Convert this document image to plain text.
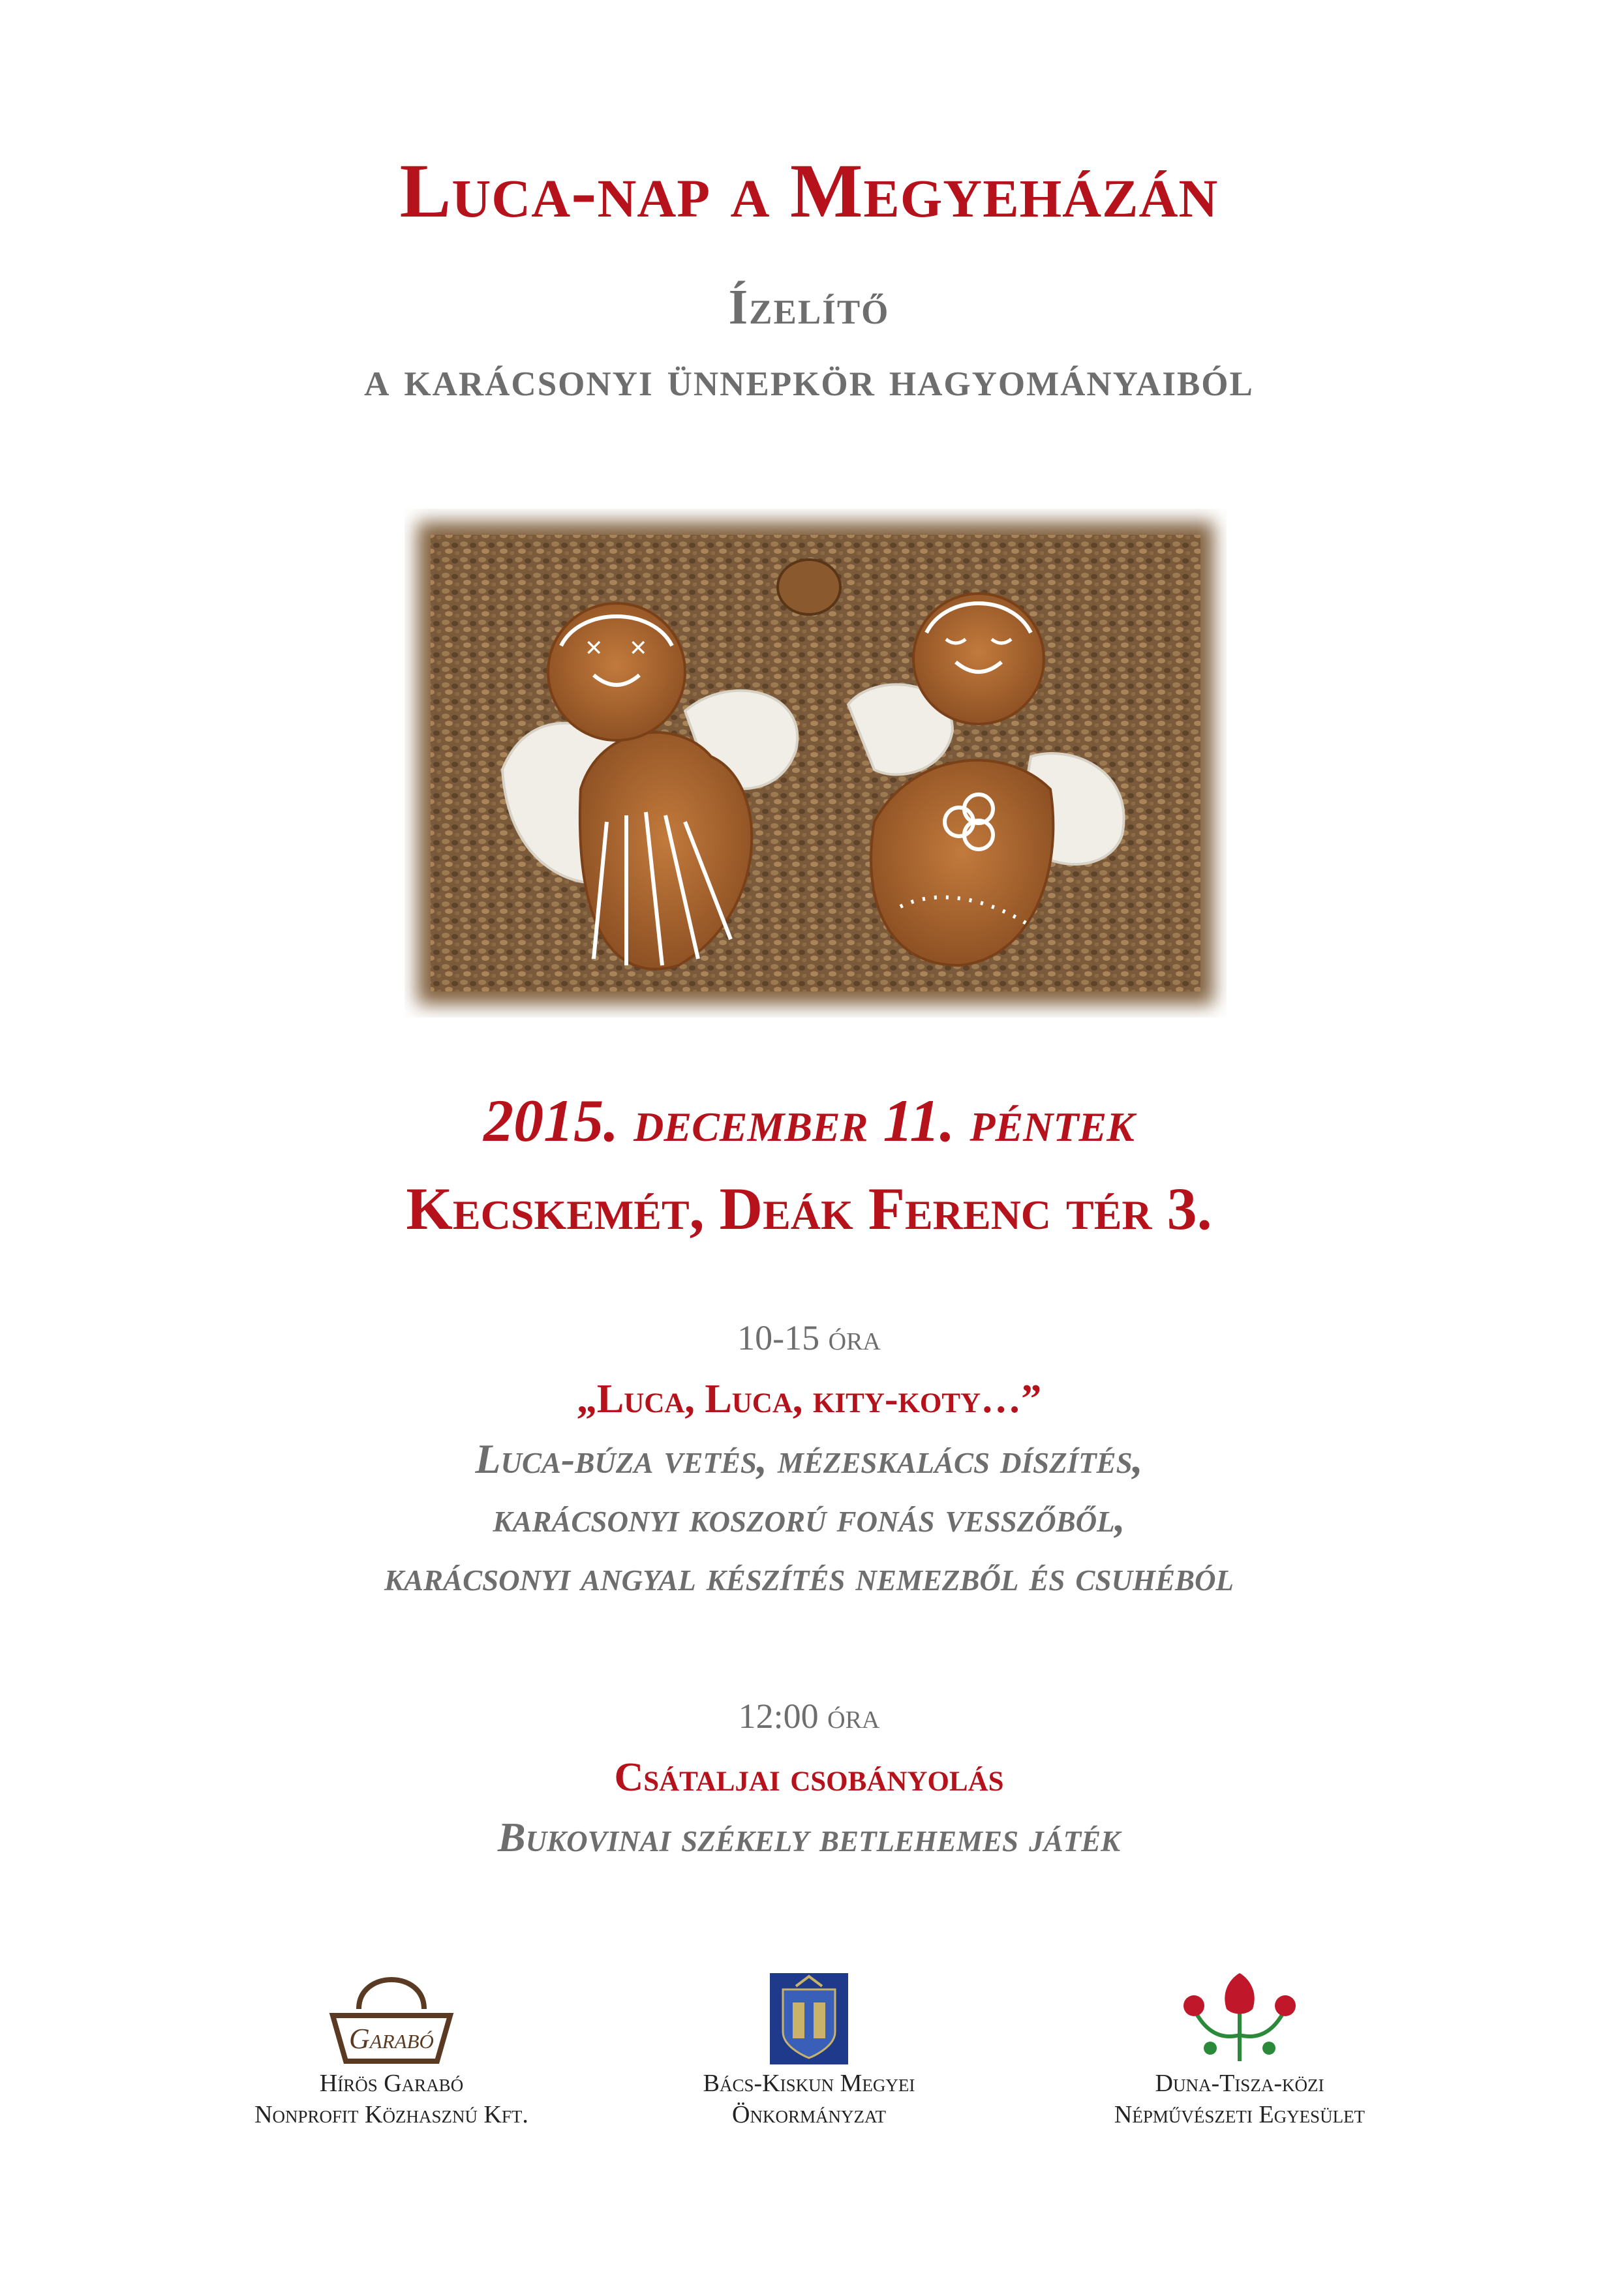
Luca-nap a Megyeházán
Ízelítő
a karácsonyi ünnepkör hagyományaiból
✕ ✕
2015. december 11. péntek
Kecskemét, Deák Ferenc tér 3.
10-15 óra
„Luca, Luca, kity-koty…”
Luca-búza vetés, mézeskalács díszítés,
karácsonyi koszorú fonás vesszőből,
karácsonyi angyal készítés nemezből és csuhéból
12:00 óra
Csátaljai csobányolás
Bukovinai székely betlehemes játék
Garabó
Hírös Garabó
Nonprofit Közhasznú Kft.
Bács-Kiskun Megyei
Önkormányzat
Duna-Tisza-közi
Népművészeti Egyesület
